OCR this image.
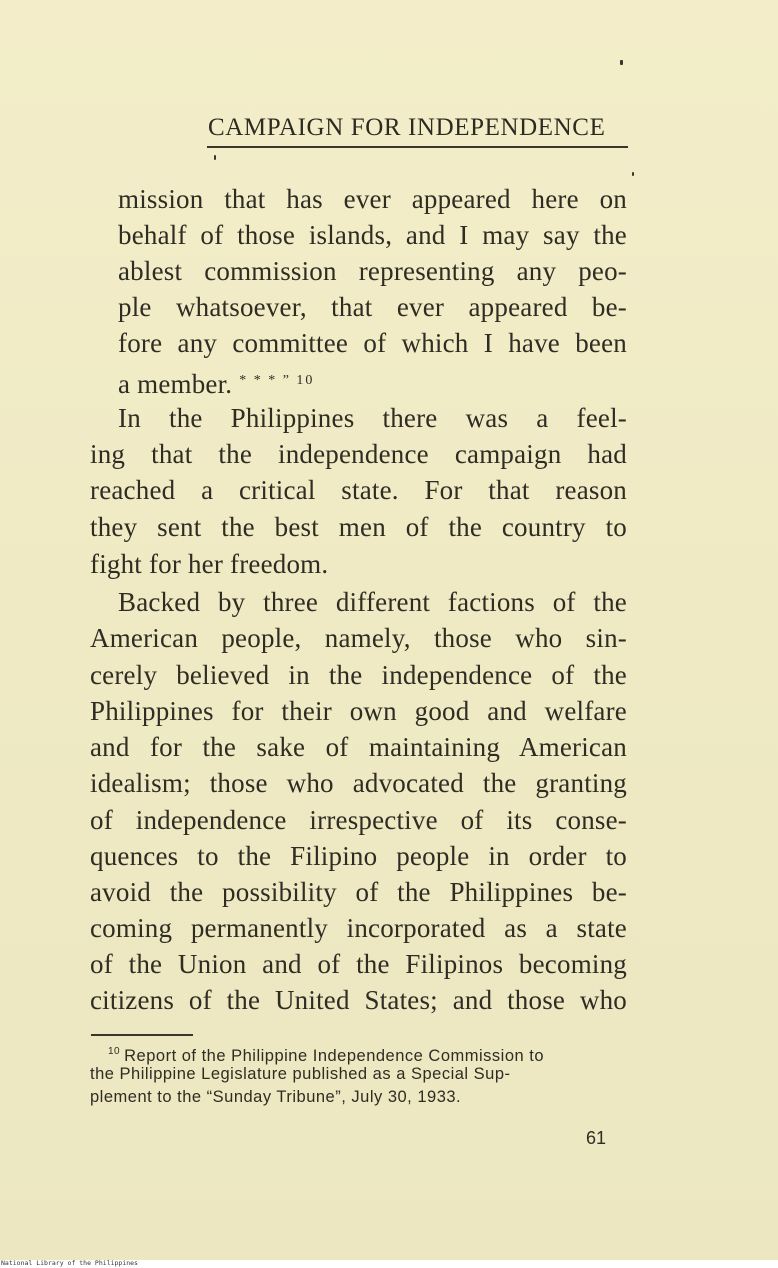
CAMPAIGN FOR INDEPENDENCE
mission that has ever appeared here on
behalf of those islands, and I may say the
ablest commission representing any peo-
ple whatsoever, that ever appeared be-
fore any committee of which I have been
a member. $^{* * * ” 10}$
In the Philippines there was a feel-
ing that the independence campaign had
reached a critical state. For that reason
they sent the best men of the country to
fight for her freedom.
Backed by three different factions of the
American people, namely, those who sin-
cerely believed in the independence of the
Philippines for their own good and welfare
and for the sake of maintaining American
idealism; those who advocated the granting
of independence irrespective of its conse-
quences to the Filipino people in order to
avoid the possibility of the Philippines be-
coming permanently incorporated as a state
of the Union and of the Filipinos becoming
citizens of the United States; and those who
$^{10}$ Report of the Philippine Independence Commission to
the Philippine Legislature published as a Special Sup-
plement to the “Sunday Tribune”, July 30, 1933.
61
National Library of the Philippines
